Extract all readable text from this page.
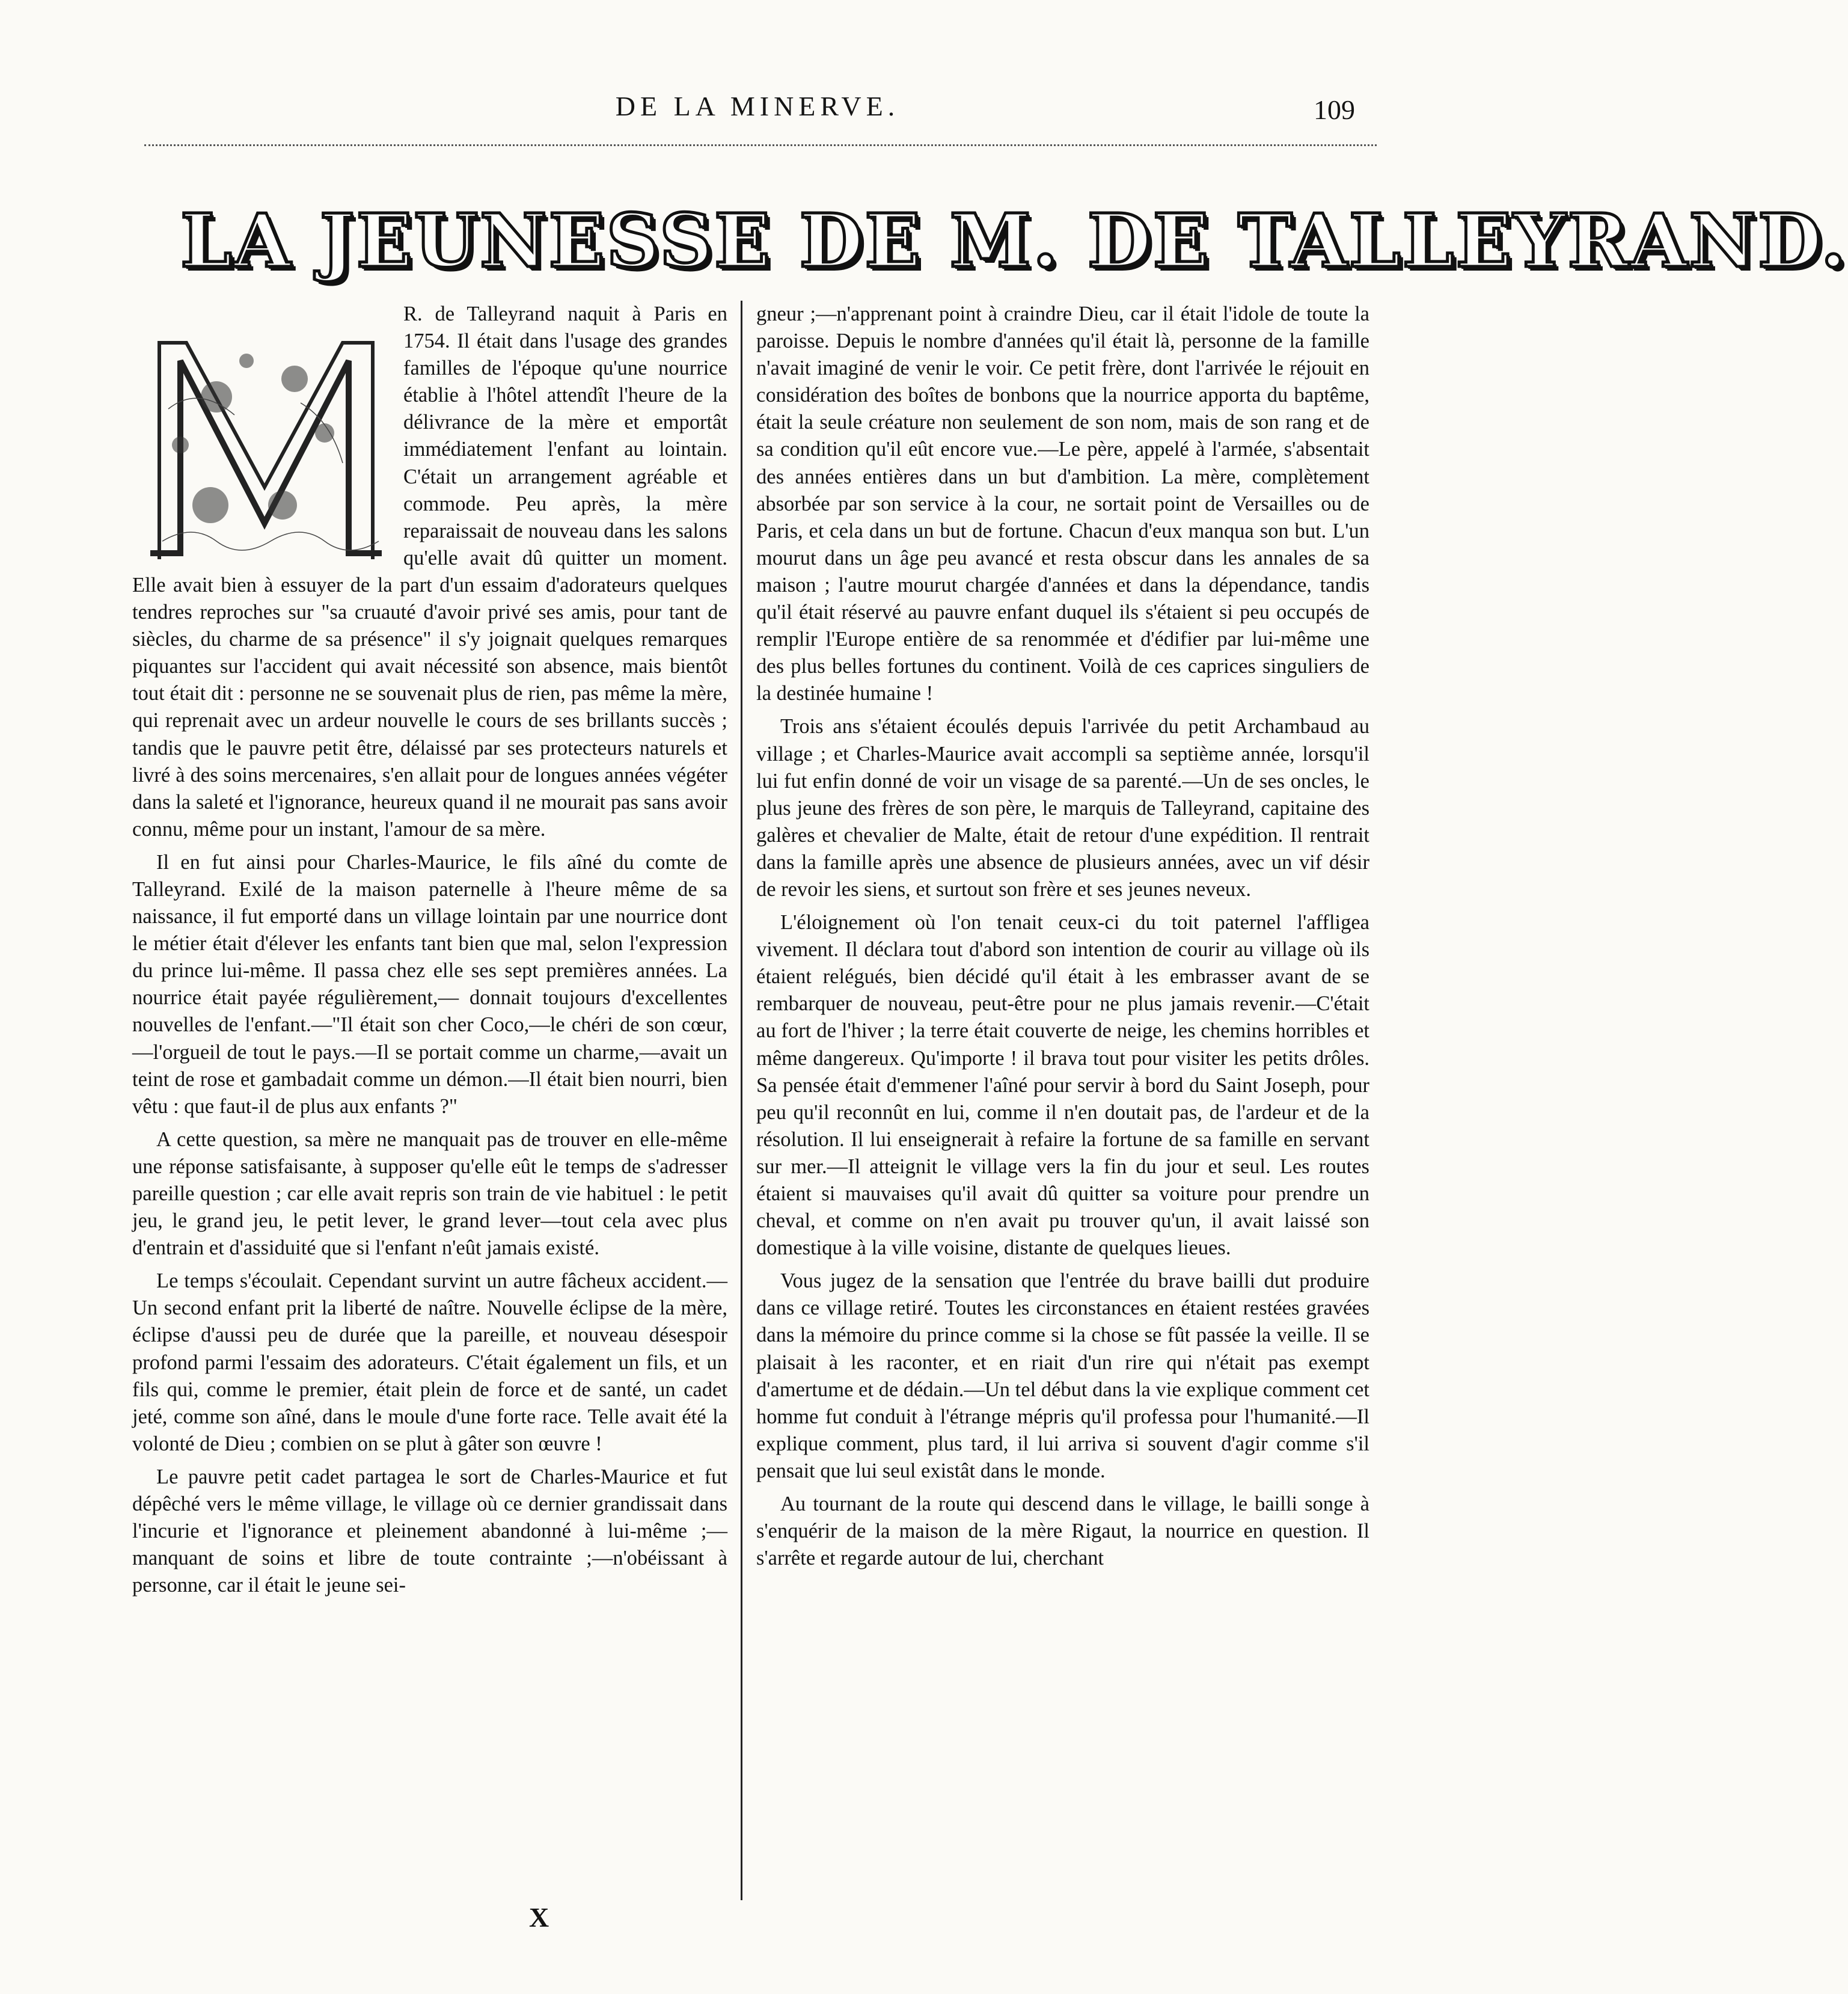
DE LA MINERVE.	109
LA JEUNESSE DE M. DE TALLEYRAND.

R. de Talleyrand naquit à Paris en 1754. Il était dans l'usage des grandes familles de l'époque qu'une nourrice établie à l'hôtel attendît l'heure de la délivrance de la mère et emportât immédiatement l'enfant au lointain. C'était un arrangement agréable et commode. Peu après, la mère reparaissait de nouveau dans les salons qu'elle avait dû quitter un moment. Elle avait bien à essuyer de la part d'un essaim d'adorateurs quelques tendres reproches sur "sa cruauté d'avoir privé ses amis, pour tant de siècles, du charme de sa présence" il s'y joignait quelques remarques piquantes sur l'accident qui avait nécessité son absence, mais bientôt tout était dit : personne ne se souvenait plus de rien, pas même la mère, qui reprenait avec un ardeur nouvelle le cours de ses brillants succès ; tandis que le pauvre petit être, délaissé par ses protecteurs naturels et livré à des soins mercenaires, s'en allait pour de longues années végéter dans la saleté et l'ignorance, heureux quand il ne mourait pas sans avoir connu, même pour un instant, l'amour de sa mère.

Il en fut ainsi pour Charles-Maurice, le fils aîné du comte de Talleyrand. Exilé de la maison paternelle à l'heure même de sa naissance, il fut emporté dans un village lointain par une nourrice dont le métier était d'élever les enfants tant bien que mal, selon l'expression du prince lui-même. Il passa chez elle ses sept premières années. La nourrice était payée régulièrement,— donnait toujours d'excellentes nouvelles de l'enfant.—"Il était son cher Coco,—le chéri de son cœur,—l'orgueil de tout le pays.—Il se portait comme un charme,—avait un teint de rose et gambadait comme un démon.—Il était bien nourri, bien vêtu : que faut-il de plus aux enfants ?"

A cette question, sa mère ne manquait pas de trouver en elle-même une réponse satisfaisante, à supposer qu'elle eût le temps de s'adresser pareille question ; car elle avait repris son train de vie habituel : le petit jeu, le grand jeu, le petit lever, le grand lever—tout cela avec plus d'entrain et d'assiduité que si l'enfant n'eût jamais existé.

Le temps s'écoulait. Cependant survint un autre fâcheux accident.—Un second enfant prit la liberté de naître. Nouvelle éclipse de la mère, éclipse d'aussi peu de durée que la pareille, et nouveau désespoir profond parmi l'essaim des adorateurs. C'était également un fils, et un fils qui, comme le premier, était plein de force et de santé, un cadet jeté, comme son aîné, dans le moule d'une forte race. Telle avait été la volonté de Dieu ; combien on se plut à gâter son œuvre !

Le pauvre petit cadet partagea le sort de Charles-Maurice et fut dépêché vers le même village, le village où ce dernier grandissait dans l'incurie et l'ignorance et pleinement abandonné à lui-même ;—manquant de soins et libre de toute contrainte ;—n'obéissant à personne, car il était le jeune sei-

gneur ;—n'apprenant point à craindre Dieu, car il était l'idole de toute la paroisse. Depuis le nombre d'années qu'il était là, personne de la famille n'avait imaginé de venir le voir. Ce petit frère, dont l'arrivée le réjouit en considération des boîtes de bonbons que la nourrice apporta du baptême, était la seule créature non seulement de son nom, mais de son rang et de sa condition qu'il eût encore vue.—Le père, appelé à l'armée, s'absentait des années entières dans un but d'ambition. La mère, complètement absorbée par son service à la cour, ne sortait point de Versailles ou de Paris, et cela dans un but de fortune. Chacun d'eux manqua son but. L'un mourut dans un âge peu avancé et resta obscur dans les annales de sa maison ; l'autre mourut chargée d'années et dans la dépendance, tandis qu'il était réservé au pauvre enfant duquel ils s'étaient si peu occupés de remplir l'Europe entière de sa renommée et d'édifier par lui-même une des plus belles fortunes du continent. Voilà de ces caprices singuliers de la destinée humaine !

Trois ans s'étaient écoulés depuis l'arrivée du petit Archambaud au village ; et Charles-Maurice avait accompli sa septième année, lorsqu'il lui fut enfin donné de voir un visage de sa parenté.—Un de ses oncles, le plus jeune des frères de son père, le marquis de Talleyrand, capitaine des galères et chevalier de Malte, était de retour d'une expédition. Il rentrait dans la famille après une absence de plusieurs années, avec un vif désir de revoir les siens, et surtout son frère et ses jeunes neveux.

L'éloignement où l'on tenait ceux-ci du toit paternel l'affligea vivement. Il déclara tout d'abord son intention de courir au village où ils étaient relégués, bien décidé qu'il était à les embrasser avant de se rembarquer de nouveau, peut-être pour ne plus jamais revenir.—C'était au fort de l'hiver ; la terre était couverte de neige, les chemins horribles et même dangereux. Qu'importe ! il brava tout pour visiter les petits drôles. Sa pensée était d'emmener l'aîné pour servir à bord du Saint Joseph, pour peu qu'il reconnût en lui, comme il n'en doutait pas, de l'ardeur et de la résolution. Il lui enseignerait à refaire la fortune de sa famille en servant sur mer.—Il atteignit le village vers la fin du jour et seul. Les routes étaient si mauvaises qu'il avait dû quitter sa voiture pour prendre un cheval, et comme on n'en avait pu trouver qu'un, il avait laissé son domestique à la ville voisine, distante de quelques lieues.

Vous jugez de la sensation que l'entrée du brave bailli dut produire dans ce village retiré. Toutes les circonstances en étaient restées gravées dans la mémoire du prince comme si la chose se fût passée la veille. Il se plaisait à les raconter, et en riait d'un rire qui n'était pas exempt d'amertume et de dédain.—Un tel début dans la vie explique comment cet homme fut conduit à l'étrange mépris qu'il professa pour l'humanité.—Il explique comment, plus tard, il lui arriva si souvent d'agir comme s'il pensait que lui seul existât dans le monde.

Au tournant de la route qui descend dans le village, le bailli songe à s'enquérir de la maison de la mère Rigaut, la nourrice en question. Il s'arrête et regarde autour de lui, cherchant

X
